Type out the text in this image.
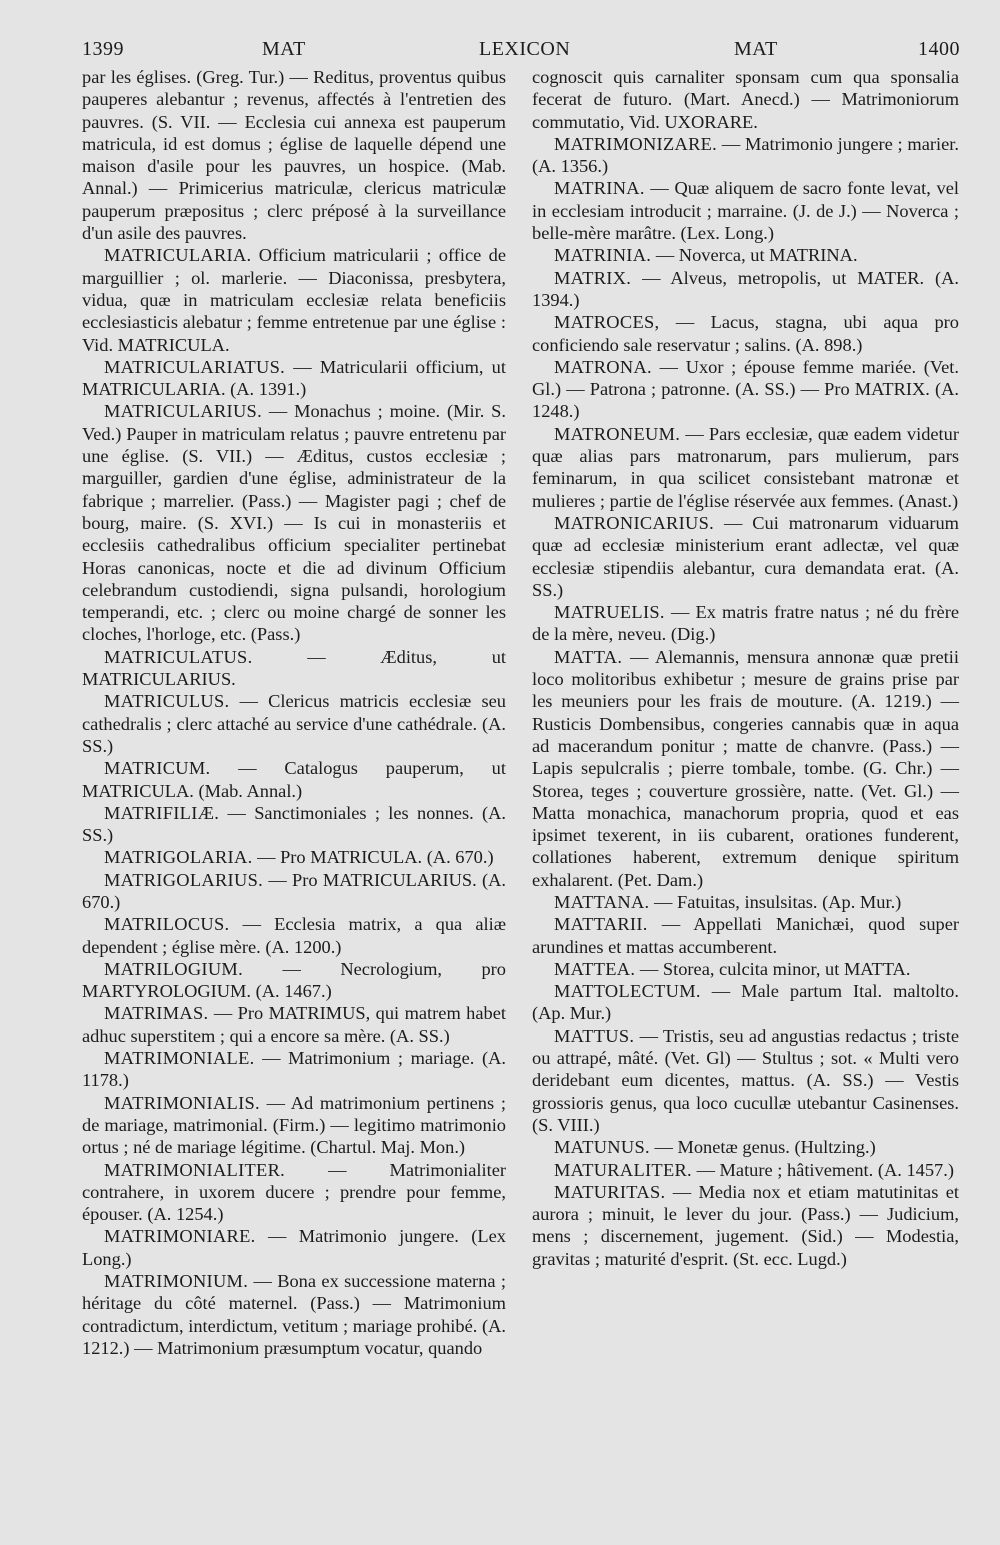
1399	MAT	LEXICON	MAT	1400
par les églises. (Greg. Tur.) — Reditus, proventus quibus pauperes alebantur ; revenus, affectés à l'entretien des pauvres. (S. VII. — Ecclesia cui annexa est pauperum matricula, id est domus ; église de laquelle dépend une maison d'asile pour les pauvres, un hospice. (Mab. Annal.) — Primicerius matriculæ, clericus matriculæ pauperum præpositus ; clerc préposé à la surveillance d'un asile des pauvres.
MATRICULARIA. Officium matricularii ; office de marguillier ; ol. marlerie. — Diaconissa, presbytera, vidua, quæ in matriculam ecclesiæ relata beneficiis ecclesiasticis alebatur ; femme entretenue par une église : Vid. MATRICULA.
MATRICULARIATUS. — Matricularii officium, ut MATRICULARIA. (A. 1391.)
MATRICULARIUS. — Monachus ; moine. (Mir. S. Ved.) Pauper in matriculam relatus ; pauvre entretenu par une église. (S. VII.) — Æditus, custos ecclesiæ ; marguiller, gardien d'une église, administrateur de la fabrique ; marrelier. (Pass.) — Magister pagi ; chef de bourg, maire. (S. XVI.) — Is cui in monasteriis et ecclesiis cathedralibus officium specialiter pertinebat Horas canonicas, nocte et die ad divinum Officium celebrandum custodiendi, signa pulsandi, horologium temperandi, etc. ; clerc ou moine chargé de sonner les cloches, l'horloge, etc. (Pass.)
MATRICULATUS.	— Æditus, ut MATRICULARIUS.
MATRICULUS. — Clericus matricis ecclesiæ seu cathedralis ; clerc attaché au service d'une cathédrale. (A. SS.)
MATRICUM. — Catalogus pauperum, ut MATRICULA. (Mab. Annal.)
MATRIFILIÆ. — Sanctimoniales ; les nonnes. (A. SS.)
MATRIGOLARIA. — Pro MATRICULA. (A. 670.)
MATRIGOLARIUS. — Pro MATRICULARIUS. (A. 670.)
MATRILOCUS. — Ecclesia matrix, a qua aliæ dependent ; église mère. (A. 1200.)
MATRILOGIUM. — Necrologium, pro MARTYROLOGIUM. (A. 1467.)
MATRIMAS. — Pro MATRIMUS, qui matrem habet adhuc superstitem ; qui a encore sa mère. (A. SS.)
MATRIMONIALE. — Matrimonium ; mariage. (A. 1178.)
MATRIMONIALIS. — Ad matrimonium pertinens ; de mariage, matrimonial. (Firm.) — legitimo matrimonio ortus ; né de mariage légitime. (Chartul. Maj. Mon.)
MATRIMONIALITER. — Matrimonialiter contrahere, in uxorem ducere ; prendre pour femme, épouser. (A. 1254.)
MATRIMONIARE. — Matrimonio jungere. (Lex Long.)
MATRIMONIUM. — Bona ex successione materna ; héritage du côté maternel. (Pass.) — Matrimonium contradictum, interdictum, vetitum ; mariage prohibé. (A. 1212.) — Matrimonium præsumptum vocatur, quando
cognoscit quis carnaliter sponsam cum qua sponsalia fecerat de futuro. (Mart. Anecd.) — Matrimoniorum commutatio, Vid. UXORARE.
MATRIMONIZARE. — Matrimonio jungere ; marier. (A. 1356.)
MATRINA. — Quæ aliquem de sacro fonte levat, vel in ecclesiam introducit ; marraine. (J. de J.) — Noverca ; belle-mère marâtre. (Lex. Long.)
MATRINIA. — Noverca, ut MATRINA.
MATRIX. — Alveus, metropolis, ut MATER. (A. 1394.)
MATROCES, — Lacus, stagna, ubi aqua pro conficiendo sale reservatur ; salins. (A. 898.)
MATRONA. — Uxor ; épouse femme mariée. (Vet. Gl.) — Patrona ; patronne. (A. SS.) — Pro MATRIX. (A. 1248.)
MATRONEUM. — Pars ecclesiæ, quæ eadem videtur quæ alias pars matronarum, pars mulierum, pars feminarum, in qua scilicet consistebant matronæ et mulieres ; partie de l'église réservée aux femmes. (Anast.)
MATRONICARIUS. — Cui matronarum viduarum quæ ad ecclesiæ ministerium erant adlectæ, vel quæ ecclesiæ stipendiis alebantur, cura demandata erat. (A. SS.)
MATRUELIS. — Ex matris fratre natus ; né du frère de la mère, neveu. (Dig.)
MATTA. — Alemannis, mensura annonæ quæ pretii loco molitoribus exhibetur ; mesure de grains prise par les meuniers pour les frais de mouture. (A. 1219.) — Rusticis Dombensibus, congeries cannabis quæ in aqua ad macerandum ponitur ; matte de chanvre. (Pass.) — Lapis sepulcralis ; pierre tombale, tombe. (G. Chr.) — Storea, teges ; couverture grossière, natte. (Vet. Gl.) — Matta monachica, manachorum propria, quod et eas ipsimet texerent, in iis cubarent, orationes funderent, collationes haberent, extremum denique spiritum exhalarent. (Pet. Dam.)
MATTANA. — Fatuitas, insulsitas. (Ap. Mur.)
MATTARII. — Appellati Manichæi, quod super arundines et mattas accumberent.
MATTEA. — Storea, culcita minor, ut MATTA.
MATTOLECTUM. — Male partum Ital. maltolto. (Ap. Mur.)
MATTUS. — Tristis, seu ad angustias redactus ; triste ou attrapé, mâté. (Vet. Gl) — Stultus ; sot. « Multi vero deridebant eum dicentes, mattus. (A. SS.) — Vestis grossioris genus, qua loco cucullæ utebantur Casinenses. (S. VIII.)
MATUNUS. — Monetæ genus. (Hultzing.)
MATURALITER. — Mature ; hâtivement. (A. 1457.)
MATURITAS. — Media nox et etiam matutinitas et aurora ; minuit, le lever du jour. (Pass.) — Judicium, mens ; discernement, jugement. (Sid.) — Modestia, gravitas ; maturité d'esprit. (St. ecc. Lugd.)
